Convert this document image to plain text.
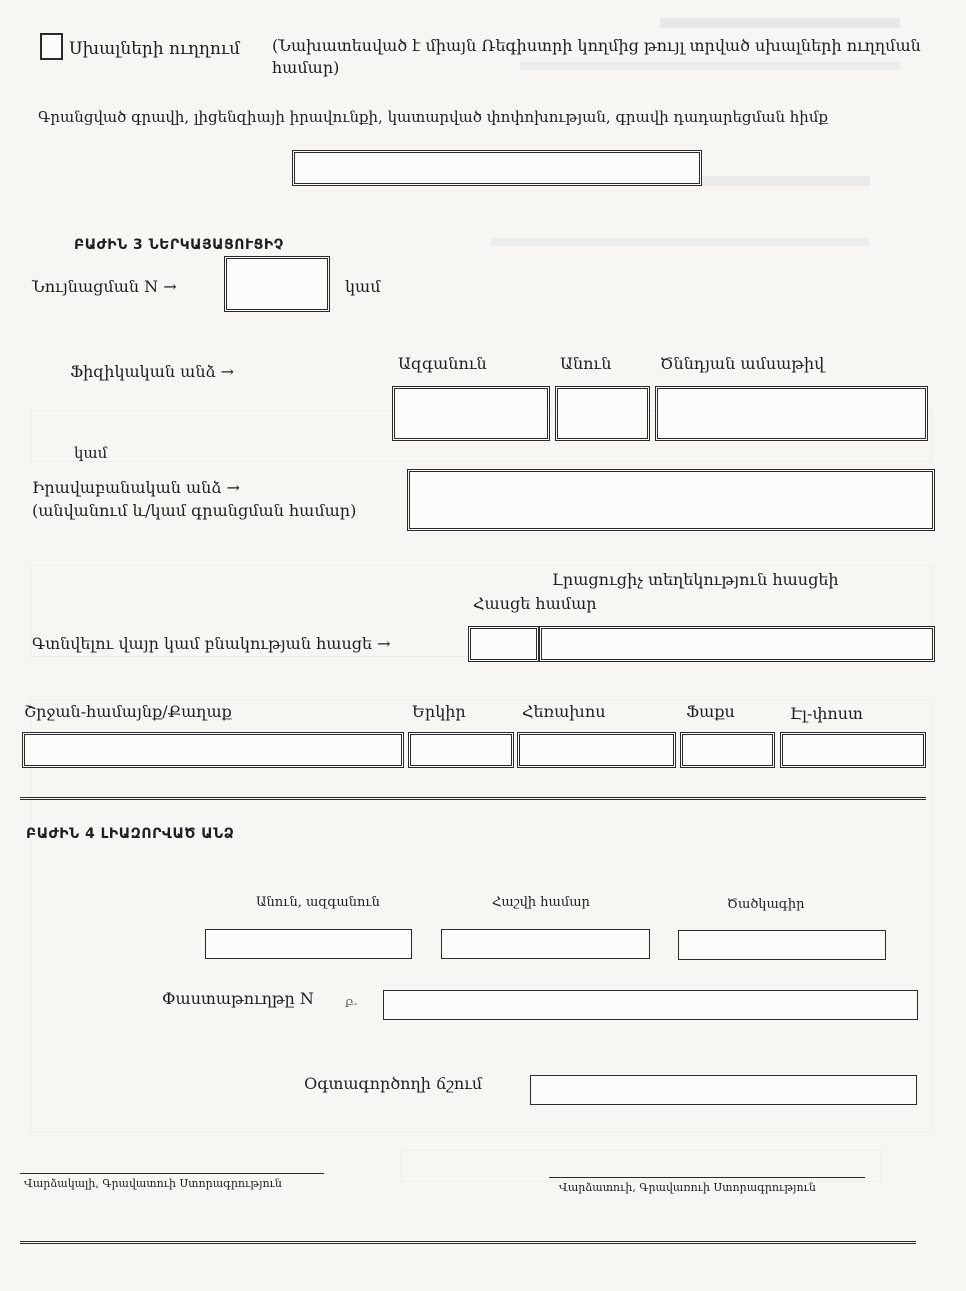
Սխալների ուղղում (Նախատեսված է միայն Ռեգիստրի կողմից թույլ տրված սխալների ուղղման համար)
Գրանցված գրավի, լիցենզիայի իրավունքի, կատարված փոփոխության, գրավի դադարեցման հիմք
ԲԱԺԻՆ 3 ՆԵՐԿԱՅԱՑՈՒՑԻՉ
Նույնացման N →	կամ
Ֆիզիկական անձ →	Ազգանուն	Անուն	Ծննդյան ամսաթիվ
կամ
Իրավաբանական անձ →
(անվանում և/կամ գրանցման համար)
Լրացուցիչ տեղեկություն հասցեի
Հասցե համար
Գտնվելու վայր կամ բնակության հասցե →
Շրջան-համայնք/Քաղաք	Երկիր	Հեռախոս	Ֆաքս	Էլ-փոստ
ԲԱԺԻՆ 4 ԼԻԱԶՈՐՎԱԾ ԱՆՁ
Անուն, ազգանուն	Հաշվի համար	Ծածկագիր
Փաստաթուղթը N	Բ-
Օգտագործողի ճշում
Վարձակալի, Գրավատուի Ստորագրություն	Վարձատուի, Գրավառուի Ստորագրություն
